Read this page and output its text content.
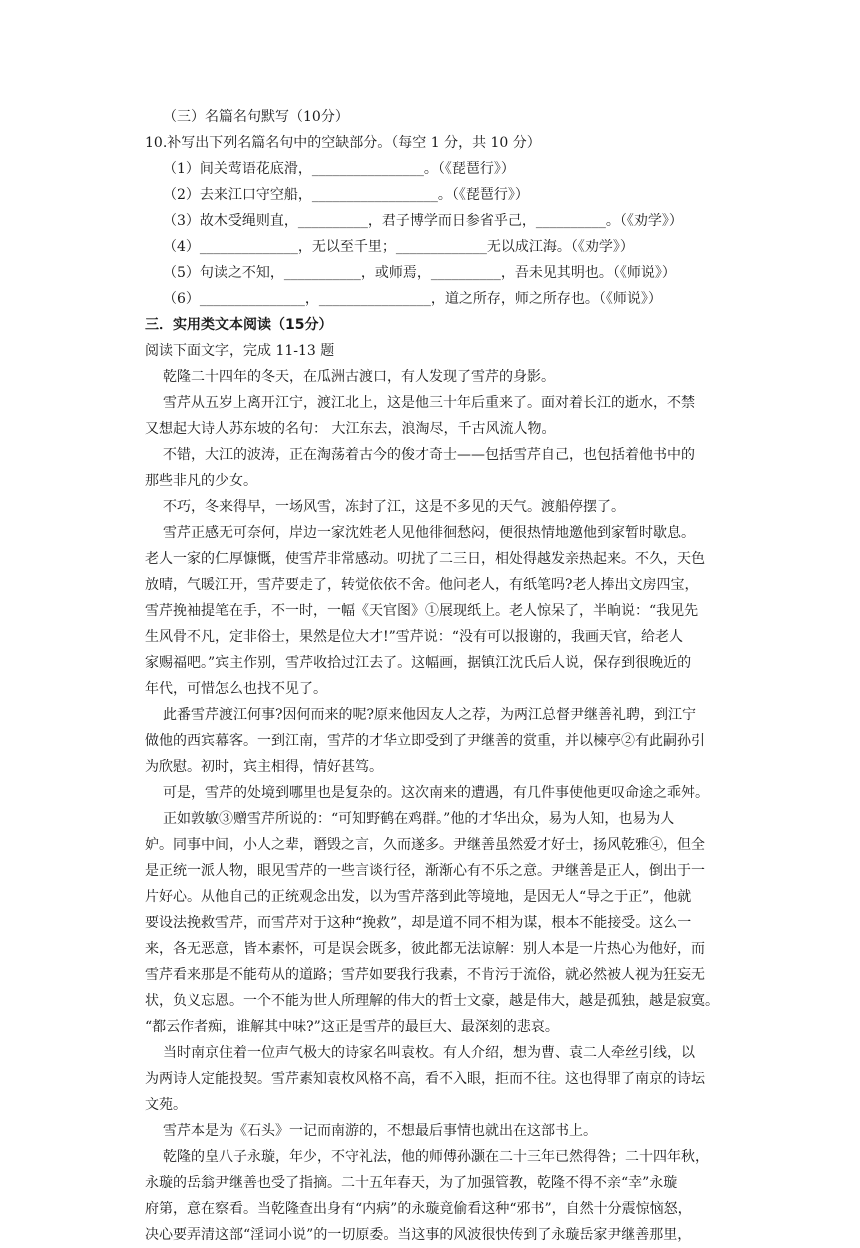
（三）名篇名句默写（10分）
10.补写出下列名篇名句中的空缺部分。（每空 1 分，共 10 分）
（1）间关莺语花底滑，________________。（《琵琶行》）
（2）去来江口守空船，__________________。（《琵琶行》）
（3）故木受绳则直，__________，君子博学而日参省乎己，__________。（《劝学》）
（4）______________，无以至千里；_____________无以成江海。（《劝学》）
（5）句读之不知，___________，或师焉，__________，吾未见其明也。（《师说》）
（6）_______________，________________，道之所存，师之所存也。（《师说》）
三．实用类文本阅读（15分）
阅读下面文字，完成 11-13 题
乾隆二十四年的冬天，在瓜洲古渡口，有人发现了雪芹的身影。
雪芹从五岁上离开江宁，渡江北上，这是他三十年后重来了。面对着长江的逝水，不禁
又想起大诗人苏东坡的名句： 大江东去，浪淘尽，千古风流人物。
不错，大江的波涛，正在淘荡着古今的俊才奇士——包括雪芹自己，也包括着他书中的
那些非凡的少女。
不巧，冬来得早，一场风雪，冻封了江，这是不多见的天气。渡船停摆了。
雪芹正感无可奈何，岸边一家沈姓老人见他徘徊愁闷，便很热情地邀他到家暂时歇息。
老人一家的仁厚慷慨，使雪芹非常感动。叨扰了二三日，相处得越发亲热起来。不久，天色
放晴，气暖江开，雪芹要走了，转觉依依不舍。他问老人，有纸笔吗?老人捧出文房四宝，
雪芹挽袖提笔在手，不一时，一幅《天官图》①展现纸上。老人惊呆了，半晌说：“我见先
生风骨不凡，定非俗士，果然是位大才!”雪芹说：“没有可以报谢的，我画天官，给老人
家赐福吧。”宾主作别，雪芹收拾过江去了。这幅画，据镇江沈氏后人说，保存到很晚近的
年代，可惜怎么也找不见了。
此番雪芹渡江何事?因何而来的呢?原来他因友人之荐，为两江总督尹继善礼聘，到江宁
做他的西宾幕客。一到江南，雪芹的才华立即受到了尹继善的赏重，并以楝亭②有此嗣孙引
为欣慰。初时，宾主相得，情好甚笃。
可是，雪芹的处境到哪里也是复杂的。这次南来的遭遇，有几件事使他更叹命途之乖舛。
正如敦敏③赠雪芹所说的：“可知野鹤在鸡群。”他的才华出众，易为人知，也易为人
妒。同事中间，小人之辈，谮毁之言，久而遂多。尹继善虽然爱才好士，扬风乾雅④，但全
是正统一派人物，眼见雪芹的一些言谈行径，渐渐心有不乐之意。尹继善是正人，倒出于一
片好心。从他自己的正统观念出发，以为雪芹落到此等境地，是因无人“导之于正”，他就
要设法挽救雪芹，而雪芹对于这种“挽救”，却是道不同不相为谋，根本不能接受。这么一
来，各无恶意，皆本素怀，可是误会既多，彼此都无法谅解：别人本是一片热心为他好，而
雪芹看来那是不能苟从的道路；雪芹如要我行我素，不肯污于流俗，就必然被人视为狂妄无
状，负义忘恩。一个不能为世人所理解的伟大的哲士文豪，越是伟大，越是孤独，越是寂寞。
“都云作者痴，谁解其中味?”这正是雪芹的最巨大、最深刻的悲哀。
当时南京住着一位声气极大的诗家名叫袁枚。有人介绍，想为曹、袁二人牵丝引线，以
为两诗人定能投契。雪芹素知袁枚风格不高，看不入眼，拒而不往。这也得罪了南京的诗坛
文苑。
雪芹本是为《石头》一记而南游的，不想最后事情也就出在这部书上。
乾隆的皇八子永璇，年少，不守礼法，他的师傅孙灏在二十三年已然得咎；二十四年秋，
永璇的岳翁尹继善也受了指摘。二十五年春天，为了加强管教，乾隆不得不亲“幸”永璇
府第，意在察看。当乾隆查出身有“内病”的永璇竟偷看这种“邪书”，自然十分震惊恼怒，
决心要弄清这部“淫词小说”的一切原委。当这事的风波很快传到了永璇岳家尹继善那里，
